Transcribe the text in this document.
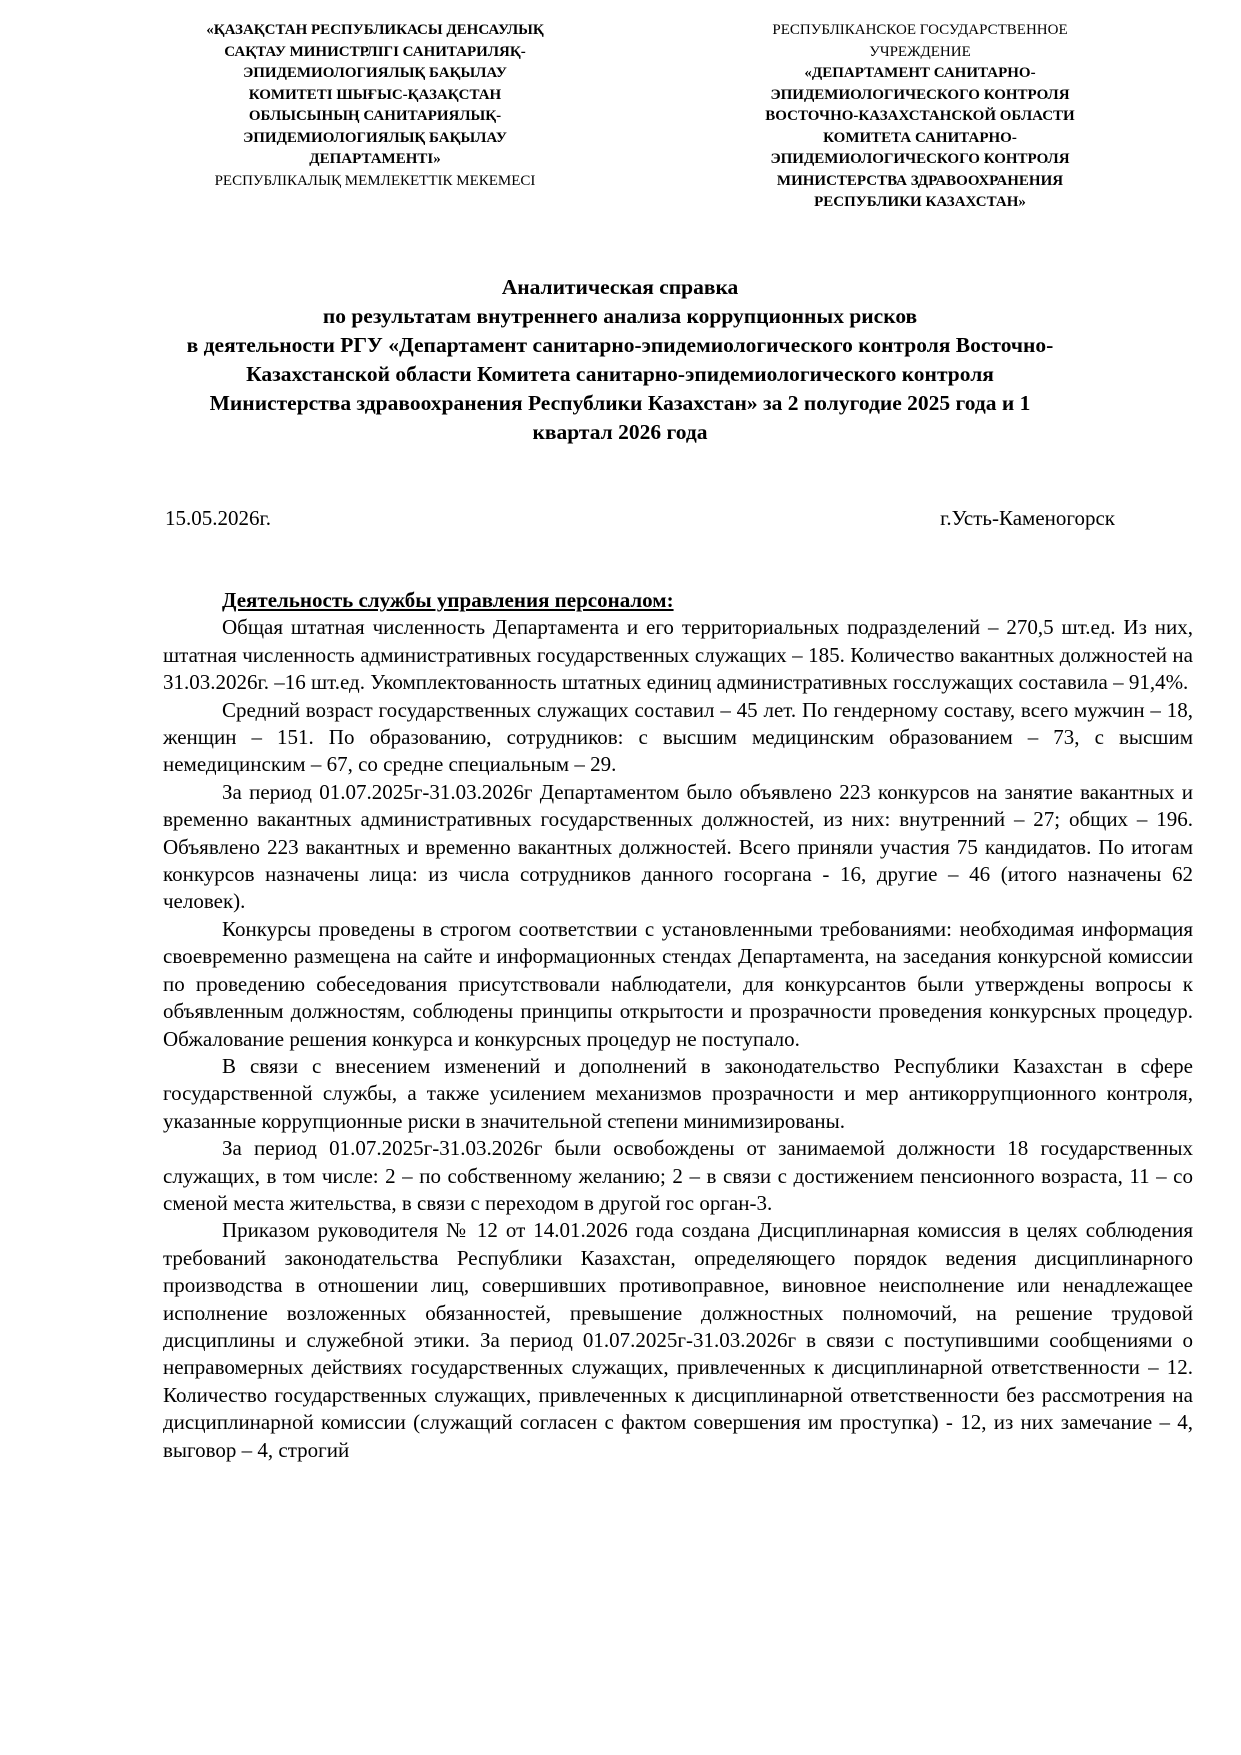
«ҚАЗАҚСТАН РЕСПУБЛИКАСЫ ДЕНСАУЛЫҚ
САҚТАУ МИНИСТРЛІГІ САНИТАРИЛЯҚ-
ЭПИДЕМИОЛОГИЯЛЫҚ БАҚЫЛАУ
КОМИТЕТІ ШЫҒЫС-ҚАЗАҚСТАН
ОБЛЫСЫНЫҢ САНИТАРИЯЛЫҚ-
ЭПИДЕМИОЛОГИЯЛЫҚ БАҚЫЛАУ
ДЕПАРТАМЕНТІ»
РЕСПУБЛІКАЛЫҚ МЕМЛЕКЕТТІК МЕКЕМЕСІ
РЕСПУБЛІКАНСКОЕ ГОСУДАРСТВЕННОЕ
УЧРЕЖДЕНИЕ
«ДЕПАРТАМЕНТ САНИТАРНО-
ЭПИДЕМИОЛОГИЧЕСКОГО КОНТРОЛЯ
ВОСТОЧНО-КАЗАХСТАНСКОЙ ОБЛАСТИ
КОМИТЕТА САНИТАРНО-
ЭПИДЕМИОЛОГИЧЕСКОГО КОНТРОЛЯ
МИНИСТЕРСТВА ЗДРАВООХРАНЕНИЯ
РЕСПУБЛИКИ КАЗАХСТАН»
Аналитическая справка
по результатам внутреннего анализа коррупционных рисков
в деятельности РГУ «Департамент санитарно-эпидемиологического контроля Восточно-
Казахстанской области Комитета санитарно-эпидемиологического контроля
Министерства здравоохранения Республики Казахстан» за 2 полугодие 2025 года и 1
квартал 2026 года
15.05.2026г.	г.Усть-Каменогорск

Деятельность службы управления персоналом:

Общая штатная численность Департамента и его территориальных подразделений – 270,5 шт.ед. Из них, штатная численность административных государственных служащих – 185. Количество вакантных должностей на 31.03.2026г. –16 шт.ед. Укомплектованность штатных единиц административных госслужащих составила – 91,4%.

Средний возраст государственных служащих составил – 45 лет. По гендерному составу, всего мужчин – 18, женщин – 151. По образованию, сотрудников: с высшим медицинским образованием – 73, с высшим немедицинским – 67, со средне специальным – 29.

За период 01.07.2025г-31.03.2026г Департаментом было объявлено 223 конкурсов на занятие вакантных и временно вакантных административных государственных должностей, из них: внутренний – 27; общих – 196. Объявлено 223 вакантных и временно вакантных должностей. Всего приняли участия 75 кандидатов. По итогам конкурсов назначены лица: из числа сотрудников данного госоргана - 16, другие – 46 (итого назначены 62 человек).

Конкурсы проведены в строгом соответствии с установленными требованиями: необходимая информация своевременно размещена на сайте и информационных стендах Департамента, на заседания конкурсной комиссии по проведению собеседования присутствовали наблюдатели, для конкурсантов были утверждены вопросы к объявленным должностям, соблюдены принципы открытости и прозрачности проведения конкурсных процедур. Обжалование решения конкурса и конкурсных процедур не поступало.

В связи с внесением изменений и дополнений в законодательство Республики Казахстан в сфере государственной службы, а также усилением механизмов прозрачности и мер антикоррупционного контроля, указанные коррупционные риски в значительной степени минимизированы.

За период 01.07.2025г-31.03.2026г были освобождены от занимаемой должности 18 государственных служащих, в том числе: 2 – по собственному желанию; 2 – в связи с достижением пенсионного возраста, 11 – со сменой места жительства, в связи с переходом в другой гос орган-3.

Приказом руководителя № 12 от 14.01.2026 года создана Дисциплинарная комиссия в целях соблюдения требований законодательства Республики Казахстан, определяющего порядок ведения дисциплинарного производства в отношении лиц, совершивших противоправное, виновное неисполнение или ненадлежащее исполнение возложенных обязанностей, превышение должностных полномочий, на решение трудовой дисциплины и служебной этики. За период 01.07.2025г-31.03.2026г в связи с поступившими сообщениями о неправомерных действиях государственных служащих, привлеченных к дисциплинарной ответственности – 12. Количество государственных служащих, привлеченных к дисциплинарной ответственности без рассмотрения на дисциплинарной комиссии (служащий согласен с фактом совершения им проступка) - 12, из них замечание – 4, выговор – 4, строгий
